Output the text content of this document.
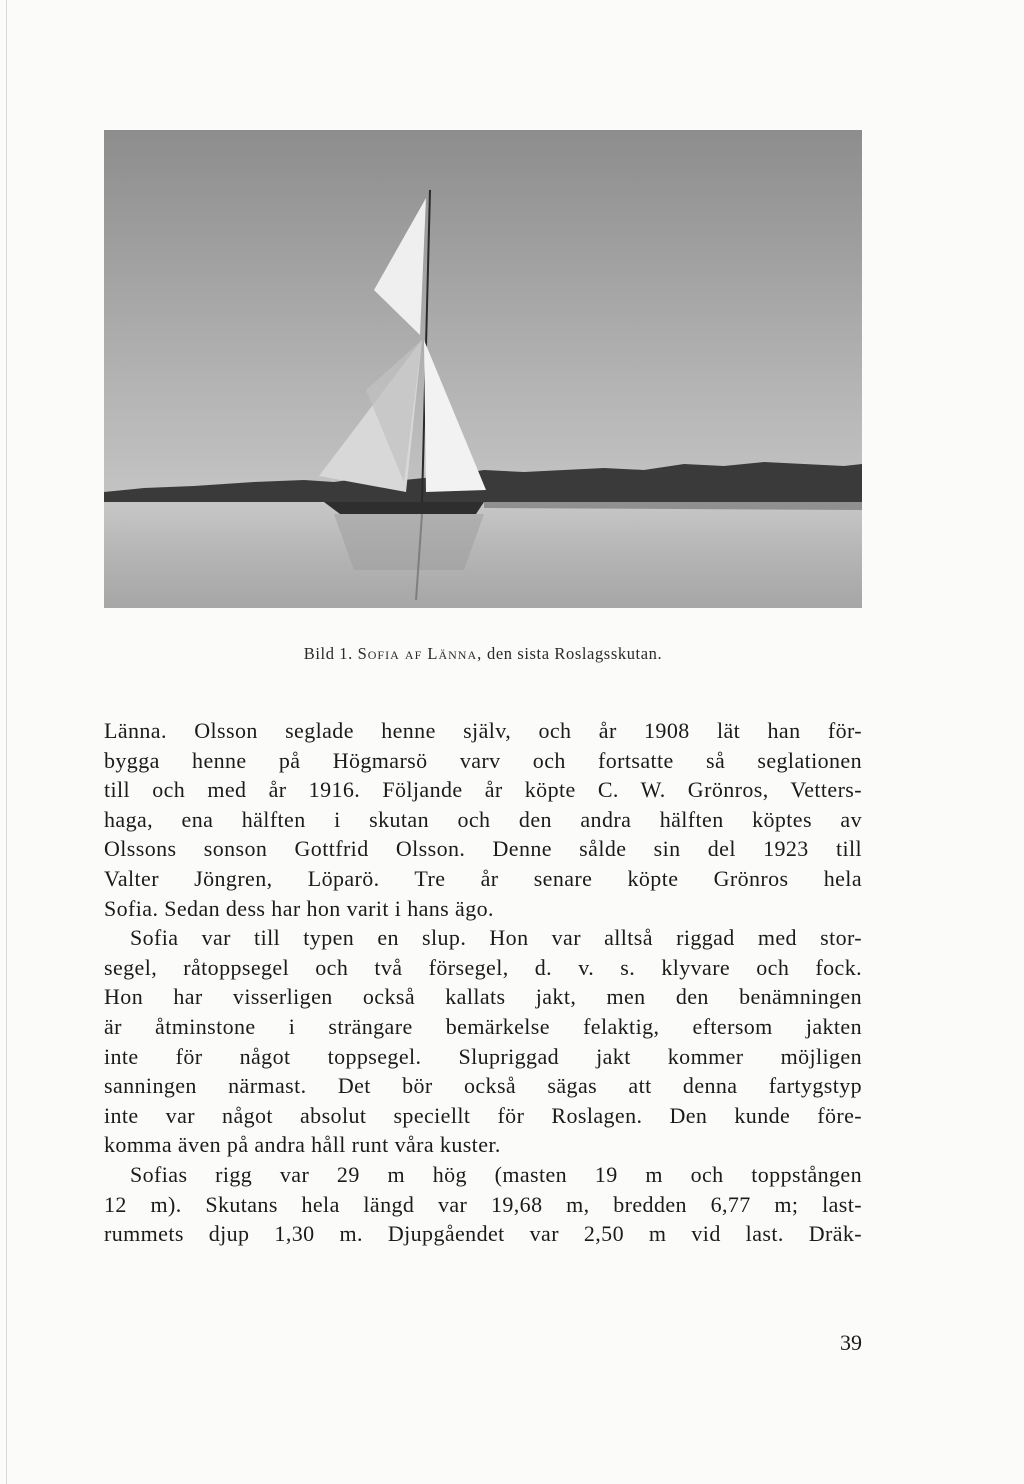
Bild 1. Sofia af Länna, den sista Roslagsskutan.
Länna. Olsson seglade henne själv, och år 1908 lät han för-
bygga henne på Högmarsö varv och fortsatte så seglationen
till och med år 1916. Följande år köpte C. W. Grönros, Vetters-
haga, ena hälften i skutan och den andra hälften köptes av
Olssons sonson Gottfrid Olsson. Denne sålde sin del 1923 till
Valter Jöngren, Löparö. Tre år senare köpte Grönros hela
Sofia. Sedan dess har hon varit i hans ägo.
Sofia var till typen en slup. Hon var alltså riggad med stor-
segel, råtoppsegel och två försegel, d. v. s. klyvare och fock.
Hon har visserligen också kallats jakt, men den benämningen
är åtminstone i strängare bemärkelse felaktig, eftersom jakten
inte för något toppsegel. Slupriggad jakt kommer möjligen
sanningen närmast. Det bör också sägas att denna fartygstyp
inte var något absolut speciellt för Roslagen. Den kunde före-
komma även på andra håll runt våra kuster.
Sofias rigg var 29 m hög (masten 19 m och toppstången
12 m). Skutans hela längd var 19,68 m, bredden 6,77 m; last-
rummets djup 1,30 m. Djupgåendet var 2,50 m vid last. Dräk-
39
